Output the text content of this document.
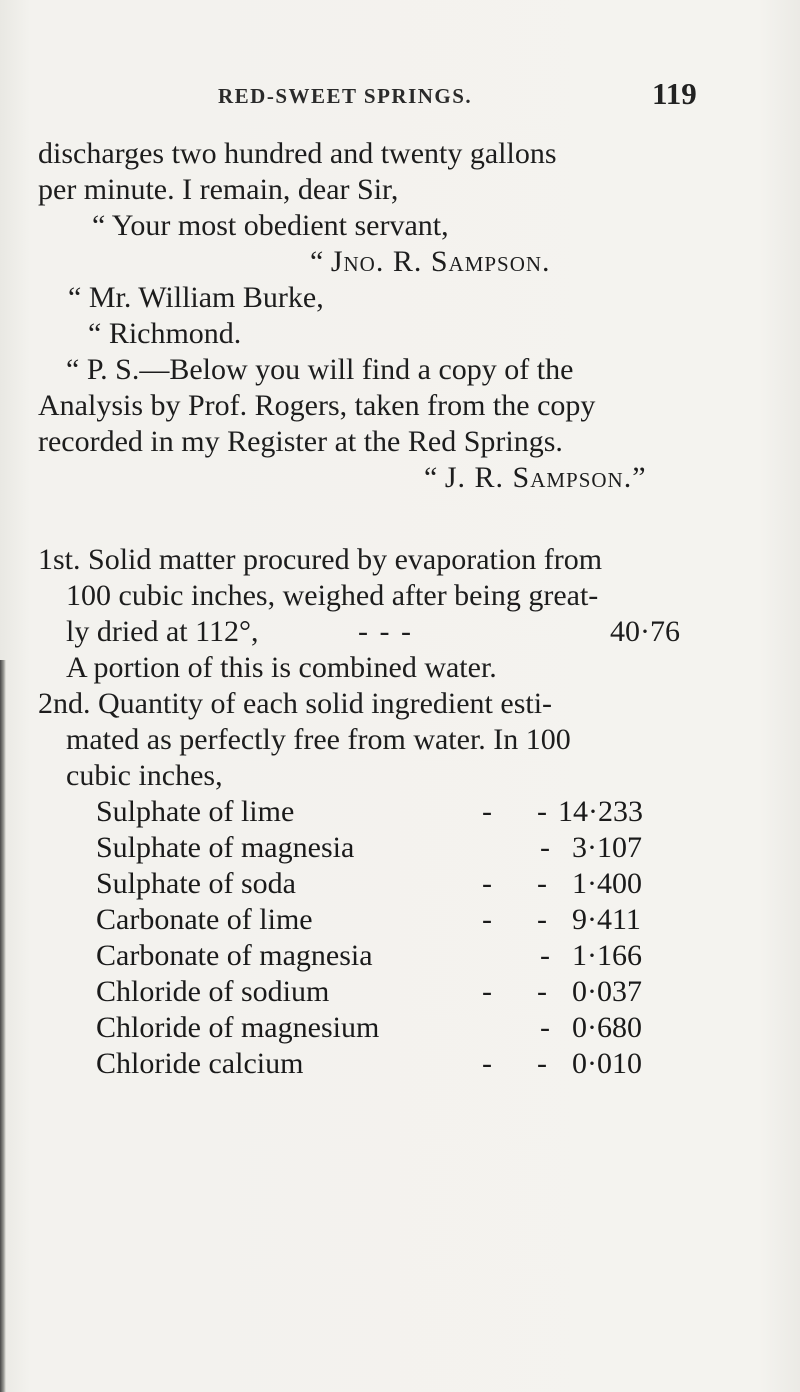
RED-SWEET SPRINGS.	119
discharges two hundred and twenty gallons
per minute. I remain, dear Sir,
“ Your most obedient servant,
“ Jno. R. Sampson.
“ Mr. William Burke,
“ Richmond.
“ P. S.—Below you will find a copy of the
Analysis by Prof. Rogers, taken from the copy
recorded in my Register at the Red Springs.
“ J. R. Sampson.”
1st. Solid matter procured by evaporation from
100 cubic inches, weighed after being great-
ly dried at 112°,	- - -	40·76
A portion of this is combined water.
2nd. Quantity of each solid ingredient esti-
mated as perfectly free from water. In 100
cubic inches,
Sulphate of lime	-      - 14·233
Sulphate of magnesia	- 3·107
Sulphate of soda	-      - 1·400
Carbonate of lime	-      - 9·411
Carbonate of magnesia	- 1·166
Chloride of sodium	-      - 0·037
Chloride of magnesium	- 0·680
Chloride calcium	-      - 0·010
